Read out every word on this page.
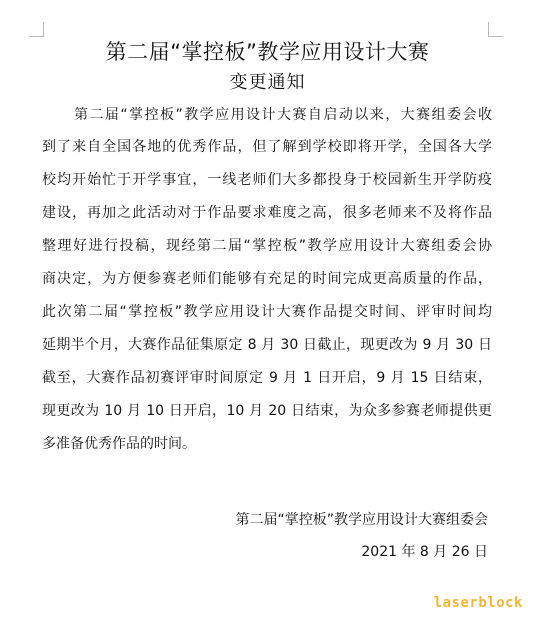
第二届“掌控板”教学应用设计大赛
变更通知
第二届“掌控板”教学应用设计大赛自启动以来，大赛组委会收
到了来自全国各地的优秀作品，但了解到学校即将开学，全国各大学
校均开始忙于开学事宜，一线老师们大多都投身于校园新生开学防疫
建设，再加之此活动对于作品要求难度之高，很多老师来不及将作品
整理好进行投稿，现经第二届“掌控板”教学应用设计大赛组委会协
商决定，为方便参赛老师们能够有充足的时间完成更高质量的作品，
此次第二届“掌控板”教学应用设计大赛作品提交时间、评审时间均
延期半个月，大赛作品征集原定 8 月 30 日截止，现更改为 9 月 30 日
截至，大赛作品初赛评审时间原定 9 月 1 日开启，9 月 15 日结束，
现更改为 10 月 10 日开启，10 月 20 日结束，为众多参赛老师提供更
多准备优秀作品的时间。
第二届“掌控板”教学应用设计大赛组委会
2021 年 8 月 26 日
laserblock
